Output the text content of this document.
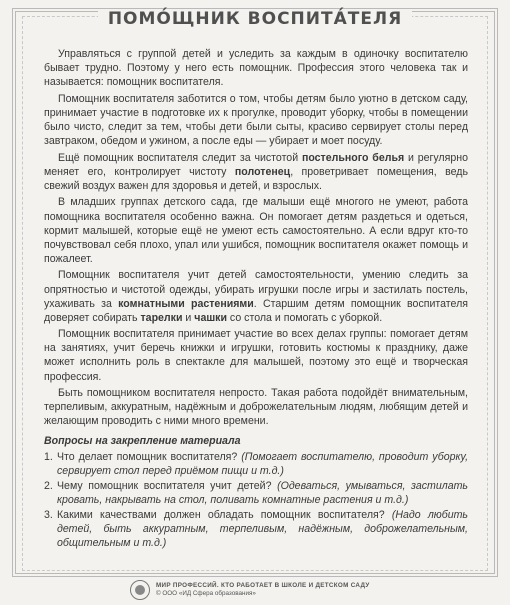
ПОМО́ЩНИК ВОСПИТА́ТЕЛЯ

Управляться с группой детей и уследить за каждым в одиночку воспитателю бывает трудно. Поэтому у него есть помощник. Профессия этого человека так и называется: помощник воспитателя.

Помощник воспитателя заботится о том, чтобы детям было уютно в детском саду, принимает участие в подготовке их к прогулке, проводит уборку, чтобы в помещении было чисто, следит за тем, чтобы дети были сыты, красиво сервирует столы перед завтраком, обедом и ужином, а после еды — убирает и моет посуду.

Ещё помощник воспитателя следит за чистотой постельного белья и регулярно меняет его, контролирует чистоту полотенец, проветривает помещения, ведь свежий воздух важен для здоровья и детей, и взрослых.

В младших группах детского сада, где малыши ещё многого не умеют, работа помощника воспитателя особенно важна. Он помогает детям раздеться и одеться, кормит малышей, которые ещё не умеют есть самостоятельно. А если вдруг кто-то почувствовал себя плохо, упал или ушибся, помощник воспитателя окажет помощь и пожалеет.

Помощник воспитателя учит детей самостоятельности, умению следить за опрятностью и чистотой одежды, убирать игрушки после игры и застилать постель, ухаживать за комнатными растениями. Старшим детям помощник воспитателя доверяет собирать тарелки и чашки со стола и помогать с уборкой.

Помощник воспитателя принимает участие во всех делах группы: помогает детям на занятиях, учит беречь книжки и игрушки, готовить костюмы к празднику, даже может исполнить роль в спектакле для малышей, поэтому это ещё и творческая профессия.

Быть помощником воспитателя непросто. Такая работа подойдёт внимательным, терпеливым, аккуратным, надёжным и доброжелательным людям, любящим детей и желающим проводить с ними много времени.

Вопросы на закрепление материала
1. Что делает помощник воспитателя? (Помогает воспитателю, проводит уборку, сервирует стол перед приёмом пищи и т.д.)
2. Чему помощник воспитателя учит детей? (Одеваться, умываться, застилать кровать, накрывать на стол, поливать комнатные растения и т.д.)
3. Какими качествами должен обладать помощник воспитателя? (Надо любить детей, быть аккуратным, терпеливым, надёжным, доброжелательным, общительным и т.д.)
МИР ПРОФЕССИЙ. КТО РАБОТАЕТ В ШКОЛЕ И ДЕТСКОМ САДУ
© ООО «ИД Сфера образования»
